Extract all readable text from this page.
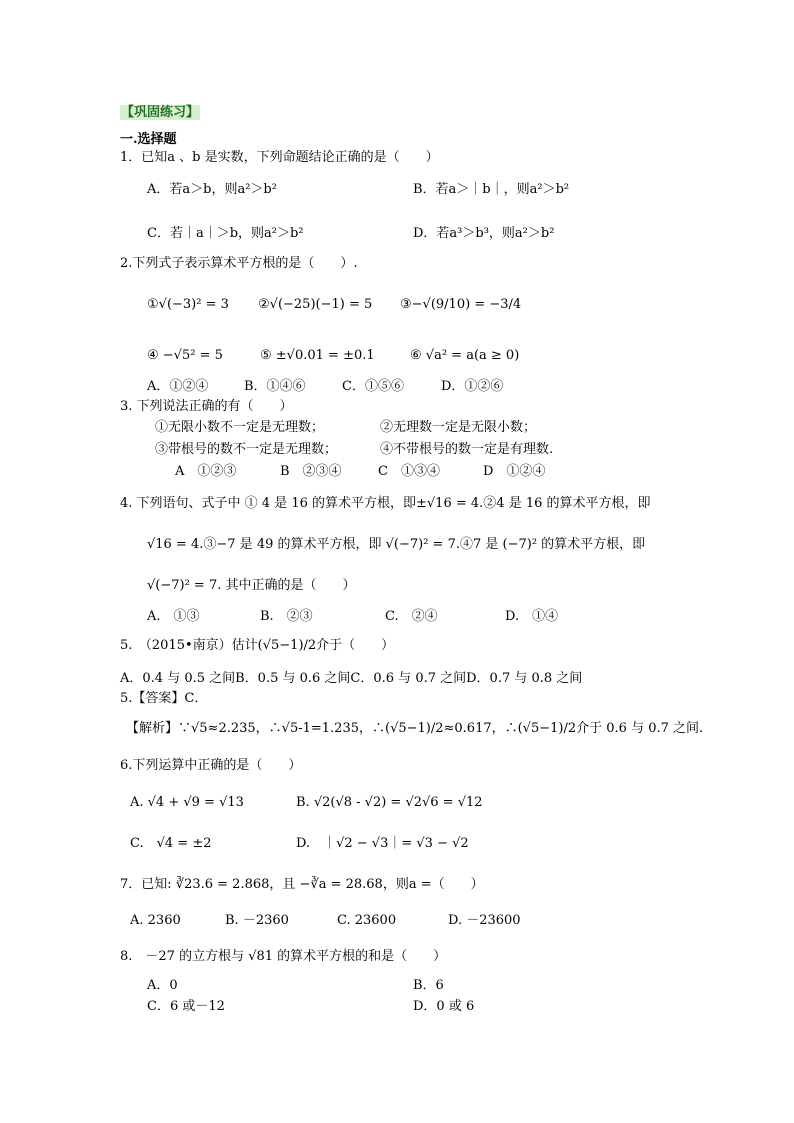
【巩固练习】
一.选择题
1．已知a 、b 是实数，下列命题结论正确的是（　　）
A．若a＞b，则a²＞b²	B．若a＞｜b｜，则a²＞b²
C．若｜a｜＞b，则a²＞b²	D．若a³＞b³，则a²＞b²
2.下列式子表示算术平方根的是（　　）.
①√(−3)² = 3 ②√(−25)(−1) = 5 ③−√(9/10) = −3/4
④ −√5² = 5	⑤ ±√0.01 = ±0.1	⑥ √a² = a(a ≥ 0)
A．①②④	B．①④⑥	C．①⑤⑥	D．①②⑥
3. 下列说法正确的有（　　）
①无限小数不一定是无理数；	②无理数一定是无限小数；
③带根号的数不一定是无理数；	④不带根号的数一定是有理数.
A　①②③	B　②③④	C　①③④	D　①②④
4. 下列语句、式子中 ① 4 是 16 的算术平方根，即±√16 = 4.②4 是 16 的算术平方根，即
√16 = 4.③−7 是 49 的算术平方根，即 √(−7)² = 7.④7 是 (−7)² 的算术平方根，即
√(−7)² = 7. 其中正确的是（　　）
A.　①③	B.　②③	C.　②④	D.　①④
5.　（2015•南京）估计(√5−1)/2介于（　　）
A．0.4 与 0.5 之间B．0.5 与 0.6 之间C．0.6 与 0.7 之间D．0.7 与 0.8 之间
5.【答案】C．
【解析】∵√5≈2.235，∴√5-1=1.235，∴(√5−1)/2≈0.617，∴(√5−1)/2介于 0.6 与 0.7 之间.
6.下列运算中正确的是（　　）
A. √4 + √9 = √13	B. √2(√8 - √2) = √2√6 = √12
C.　√4 = ±2	D.　｜√2 − √3｜= √3 − √2
7．已知: ∛23.6 = 2.868，且 −∛a = 28.68，则a =（　　）
A. 2360	B. －2360	C. 23600	D. －23600
8.　－27 的立方根与 √81 的算术平方根的和是（　　）
A．0	B．6
C．6 或－12	D．0 或 6
